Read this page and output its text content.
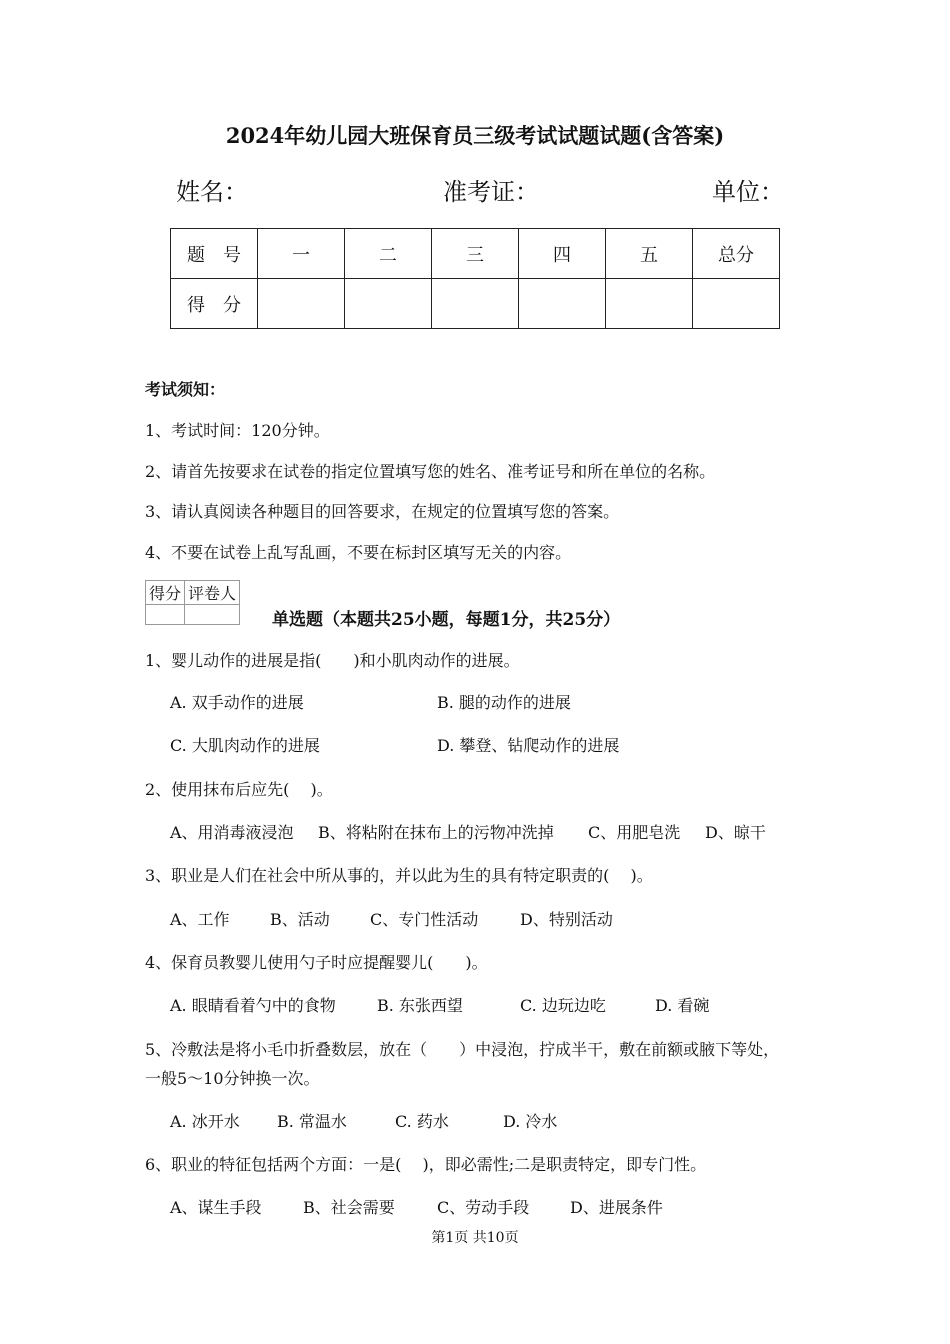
2024年幼儿园大班保育员三级考试试题试题(含答案)
姓名：	准考证：	单位：
题　号	一	二	三	四	五	总分
得　分						
考试须知：
1、考试时间：120分钟。
2、请首先按要求在试卷的指定位置填写您的姓名、准考证号和所在单位的名称。
3、请认真阅读各种题目的回答要求，在规定的位置填写您的答案。
4、不要在试卷上乱写乱画，不要在标封区填写无关的内容。
得分	评卷人

单选题（本题共25小题，每题1分，共25分）
1、婴儿动作的进展是指(　　)和小肌肉动作的进展。
A. 双手动作的进展	B. 腿的动作的进展
C. 大肌肉动作的进展	D. 攀登、钻爬动作的进展
2、使用抹布后应先(　 )。
A、用消毒液浸泡 B、将粘附在抹布上的污物冲洗掉 C、用肥皂洗 D、晾干
3、职业是人们在社会中所从事的，并以此为生的具有特定职责的(　 )。
A、工作	B、活动	C、专门性活动	D、特别活动
4、保育员教婴儿使用勺子时应提醒婴儿(　　)。
A. 眼睛看着勺中的食物	B. 东张西望	C. 边玩边吃	D. 看碗
5、冷敷法是将小毛巾折叠数层，放在（　　）中浸泡，拧成半干，敷在前额或腋下等处，
一般5～10分钟换一次。
A. 冰开水 B. 常温水	C. 药水	D. 冷水
6、职业的特征包括两个方面：一是(　 )，即必需性;二是职责特定，即专门性。
A、谋生手段	B、社会需要	C、劳动手段	D、进展条件
第1页 共10页
